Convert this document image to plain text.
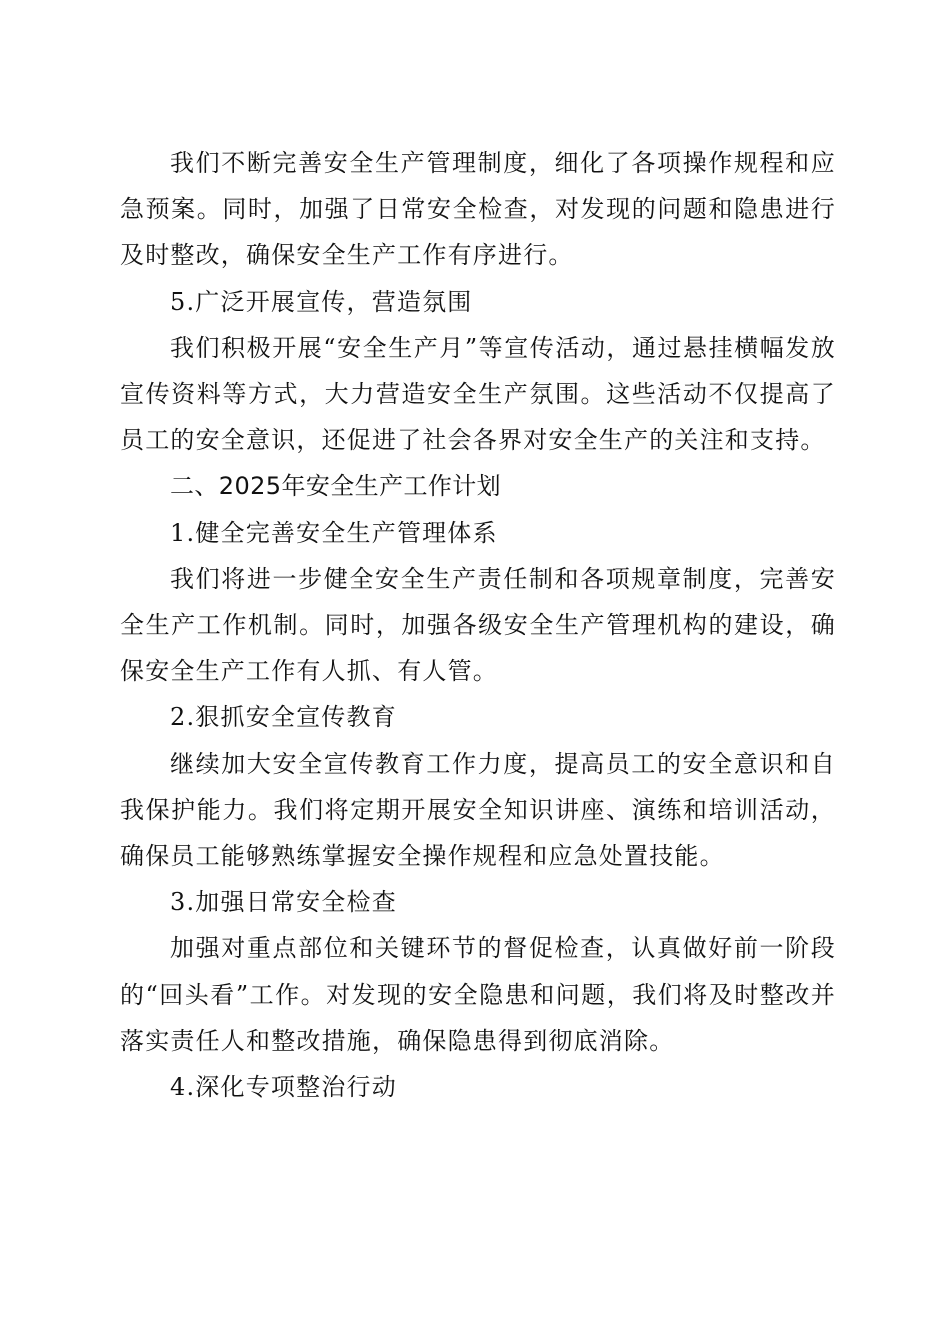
我们不断完善安全生产管理制度，细化了各项操作规程和应急预案。同时，加强了日常安全检查，对发现的问题和隐患进行及时整改，确保安全生产工作有序进行。

5.广泛开展宣传，营造氛围

我们积极开展“安全生产月”等宣传活动，通过悬挂横幅发放宣传资料等方式，大力营造安全生产氛围。这些活动不仅提高了员工的安全意识，还促进了社会各界对安全生产的关注和支持。

二、2025年安全生产工作计划

1.健全完善安全生产管理体系

我们将进一步健全安全生产责任制和各项规章制度，完善安全生产工作机制。同时，加强各级安全生产管理机构的建设，确保安全生产工作有人抓、有人管。

2.狠抓安全宣传教育

继续加大安全宣传教育工作力度，提高员工的安全意识和自我保护能力。我们将定期开展安全知识讲座、演练和培训活动，确保员工能够熟练掌握安全操作规程和应急处置技能。

3.加强日常安全检查

加强对重点部位和关键环节的督促检查，认真做好前一阶段的“回头看”工作。对发现的安全隐患和问题，我们将及时整改并落实责任人和整改措施，确保隐患得到彻底消除。

4.深化专项整治行动
